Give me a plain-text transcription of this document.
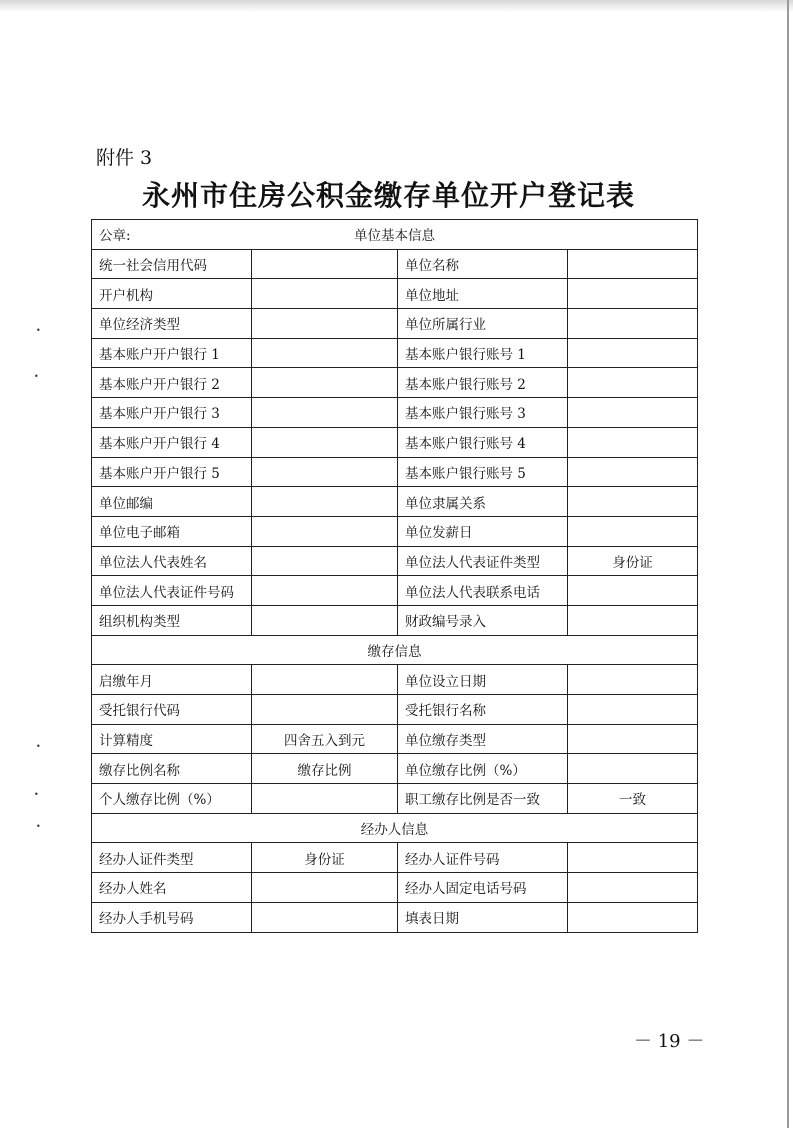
•
•
•
•
•
附件 3
永州市住房公积金缴存单位开户登记表
公章: 单位基本信息			
统一社会信用代码		单位名称	
开户机构		单位地址	
单位经济类型		单位所属行业	
基本账户开户银行 1		基本账户银行账号 1	
基本账户开户银行 2		基本账户银行账号 2	
基本账户开户银行 3		基本账户银行账号 3	
基本账户开户银行 4		基本账户银行账号 4	
基本账户开户银行 5		基本账户银行账号 5	
单位邮编		单位隶属关系	
单位电子邮箱		单位发薪日	
单位法人代表姓名		单位法人代表证件类型	身份证
单位法人代表证件号码		单位法人代表联系电话	
组织机构类型		财政编号录入	
缴存信息			
启缴年月		单位设立日期	
受托银行代码		受托银行名称	
计算精度	四舍五入到元	单位缴存类型	
缴存比例名称	缴存比例	单位缴存比例（%）	
个人缴存比例（%）		职工缴存比例是否一致	一致
经办人信息			
经办人证件类型	身份证	经办人证件号码	
经办人姓名		经办人固定电话号码	
经办人手机号码		填表日期	
－ 19 －
